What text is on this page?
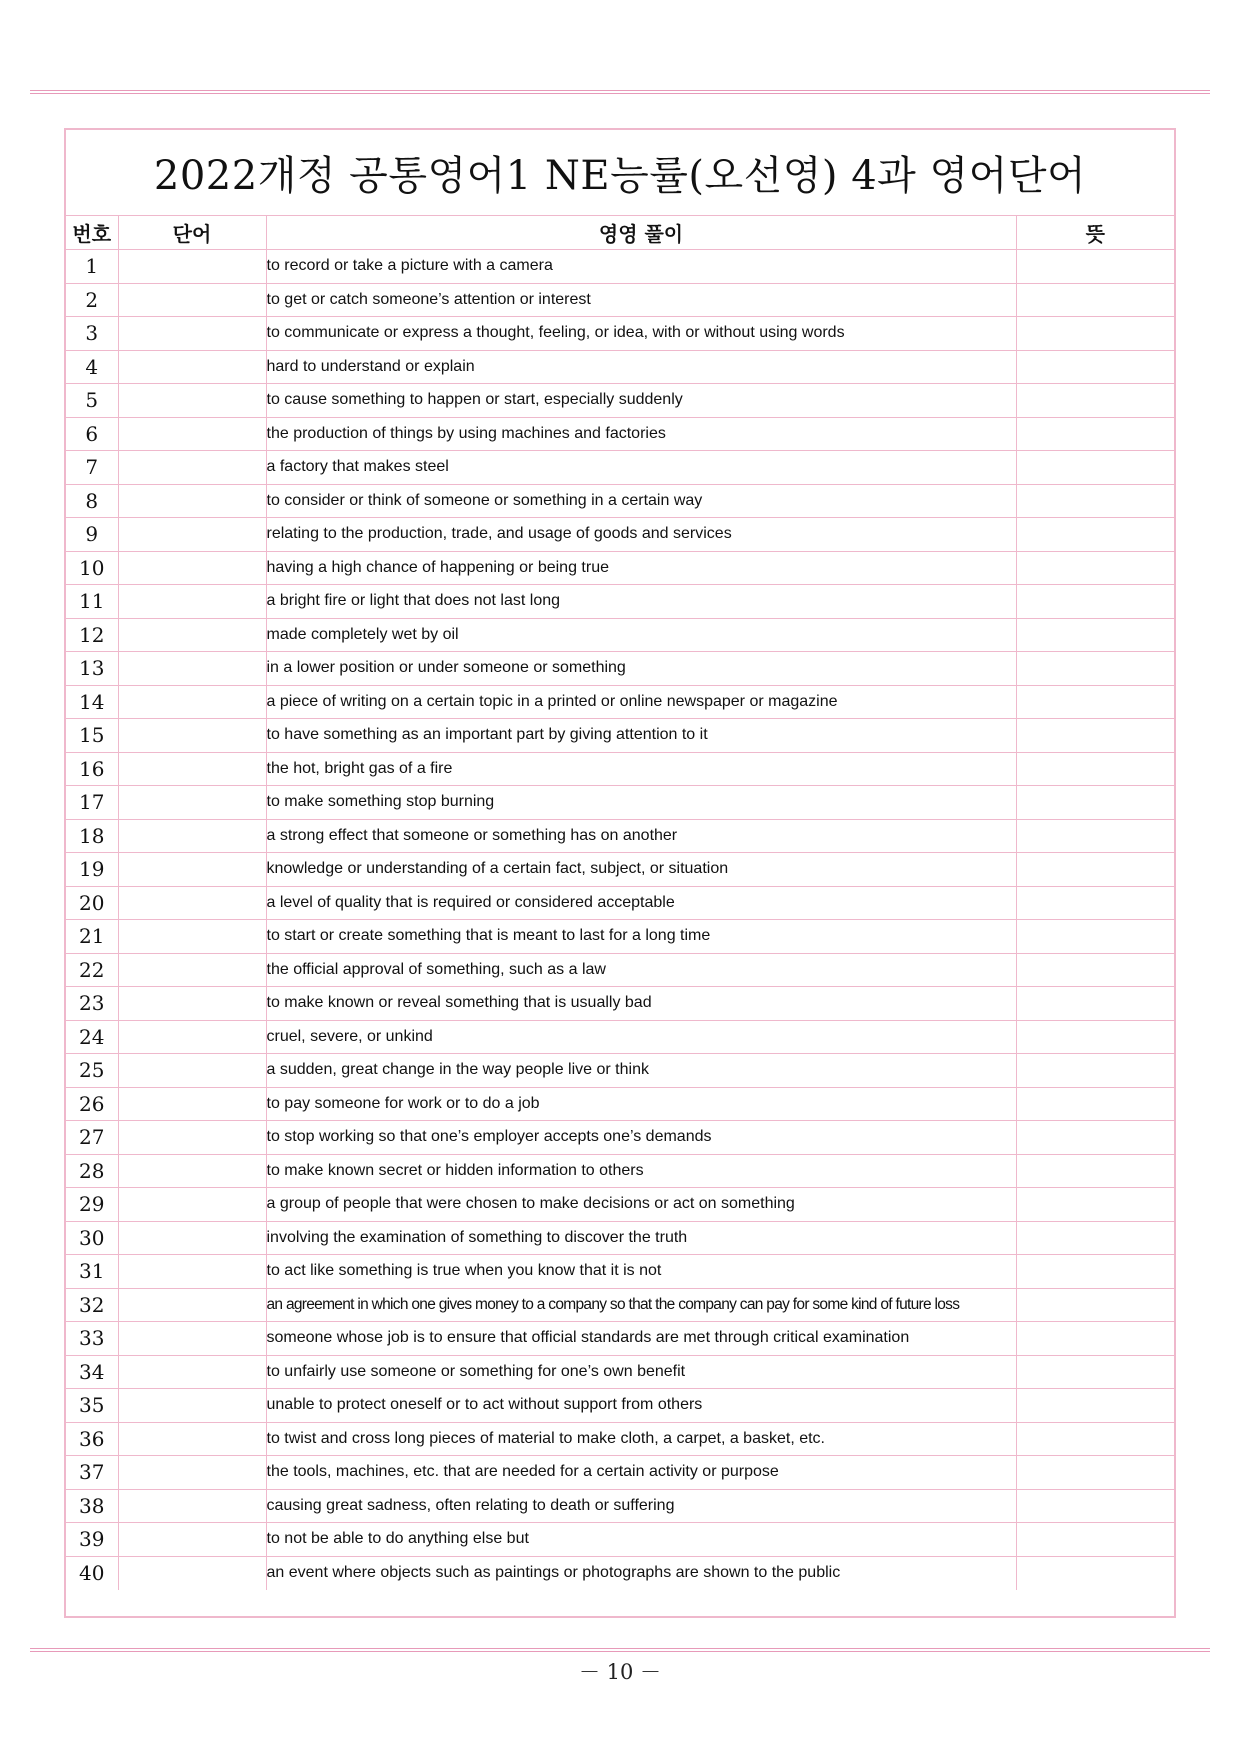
2022개정 공통영어1 NE능률(오선영) 4과 영어단어
번호	단어	영영 풀이	뜻
1		to record or take a picture with a camera	
2		to get or catch someone’s attention or interest	
3		to communicate or express a thought, feeling, or idea, with or without using words	
4		hard to understand or explain	
5		to cause something to happen or start, especially suddenly	
6		the production of things by using machines and factories	
7		a factory that makes steel	
8		to consider or think of someone or something in a certain way	
9		relating to the production, trade, and usage of goods and services	
10		having a high chance of happening or being true	
11		a bright fire or light that does not last long	
12		made completely wet by oil	
13		in a lower position or under someone or something	
14		a piece of writing on a certain topic in a printed or online newspaper or magazine	
15		to have something as an important part by giving attention to it	
16		the hot, bright gas of a fire	
17		to make something stop burning	
18		a strong effect that someone or something has on another	
19		knowledge or understanding of a certain fact, subject, or situation	
20		a level of quality that is required or considered acceptable	
21		to start or create something that is meant to last for a long time	
22		the official approval of something, such as a law	
23		to make known or reveal something that is usually bad	
24		cruel, severe, or unkind	
25		a sudden, great change in the way people live or think	
26		to pay someone for work or to do a job	
27		to stop working so that one’s employer accepts one’s demands	
28		to make known secret or hidden information to others	
29		a group of people that were chosen to make decisions or act on something	
30		involving the examination of something to discover the truth	
31		to act like something is true when you know that it is not	
32		an agreement in which one gives money to a company so that the company can pay for some kind of future loss	
33		someone whose job is to ensure that official standards are met through critical examination	
34		to unfairly use someone or something for one’s own benefit	
35		unable to protect oneself or to act without support from others	
36		to twist and cross long pieces of material to make cloth, a carpet, a basket, etc.	
37		the tools, machines, etc. that are needed for a certain activity or purpose	
38		causing great sadness, often relating to death or suffering	
39		to not be able to do anything else but	
40		an event where objects such as paintings or photographs are shown to the public	
－ 10 －
